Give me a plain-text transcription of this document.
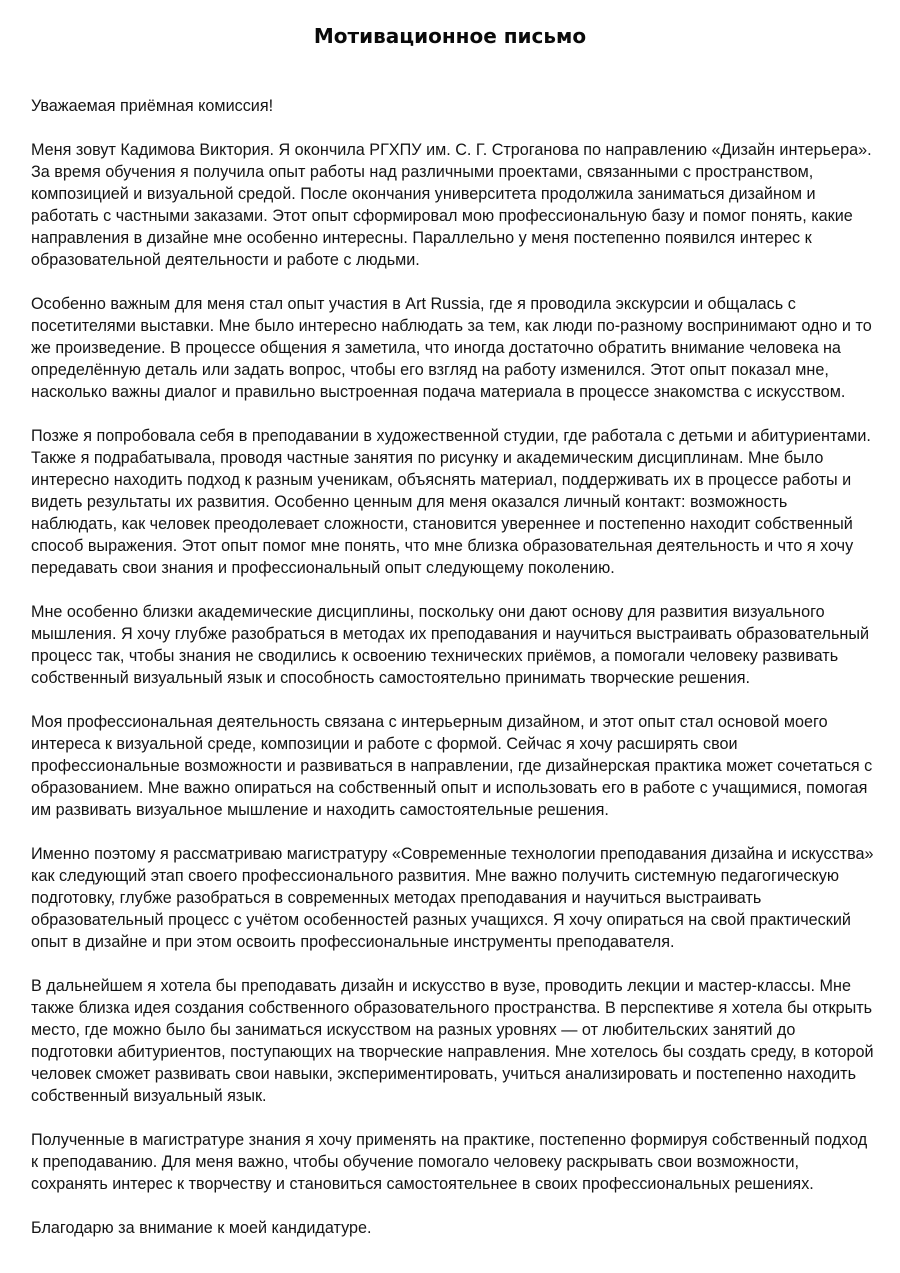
Мотивационное письмо

Уважаемая приёмная комиссия!

Меня зовут Кадимова Виктория. Я окончила РГХПУ им. С. Г. Строганова по направлению «Дизайн интерьера». За время обучения я получила опыт работы над различными проектами, связанными с пространством, композицией и визуальной средой. После окончания университета продолжила заниматься дизайном и работать с частными заказами. Этот опыт сформировал мою профессиональную базу и помог понять, какие направления в дизайне мне особенно интересны. Параллельно у меня постепенно появился интерес к образовательной деятельности и работе с людьми.

Особенно важным для меня стал опыт участия в Art Russia, где я проводила экскурсии и общалась с посетителями выставки. Мне было интересно наблюдать за тем, как люди по-разному воспринимают одно и то же произведение. В процессе общения я заметила, что иногда достаточно обратить внимание человека на определённую деталь или задать вопрос, чтобы его взгляд на работу изменился. Этот опыт показал мне, насколько важны диалог и правильно выстроенная подача материала в процессе знакомства с искусством.

Позже я попробовала себя в преподавании в художественной студии, где работала с детьми и абитуриентами. Также я подрабатывала, проводя частные занятия по рисунку и академическим дисциплинам. Мне было интересно находить подход к разным ученикам, объяснять материал, поддерживать их в процессе работы и видеть результаты их развития. Особенно ценным для меня оказался личный контакт: возможность наблюдать, как человек преодолевает сложности, становится увереннее и постепенно находит собственный способ выражения. Этот опыт помог мне понять, что мне близка образовательная деятельность и что я хочу передавать свои знания и профессиональный опыт следующему поколению.

Мне особенно близки академические дисциплины, поскольку они дают основу для развития визуального мышления. Я хочу глубже разобраться в методах их преподавания и научиться выстраивать образовательный процесс так, чтобы знания не сводились к освоению технических приёмов, а помогали человеку развивать собственный визуальный язык и способность самостоятельно принимать творческие решения.

Моя профессиональная деятельность связана с интерьерным дизайном, и этот опыт стал основой моего интереса к визуальной среде, композиции и работе с формой. Сейчас я хочу расширять свои профессиональные возможности и развиваться в направлении, где дизайнерская практика может сочетаться с образованием. Мне важно опираться на собственный опыт и использовать его в работе с учащимися, помогая им развивать визуальное мышление и находить самостоятельные решения.

Именно поэтому я рассматриваю магистратуру «Современные технологии преподавания дизайна и искусства» как следующий этап своего профессионального развития. Мне важно получить системную педагогическую подготовку, глубже разобраться в современных методах преподавания и научиться выстраивать образовательный процесс с учётом особенностей разных учащихся. Я хочу опираться на свой практический опыт в дизайне и при этом освоить профессиональные инструменты преподавателя.

В дальнейшем я хотела бы преподавать дизайн и искусство в вузе, проводить лекции и мастер-классы. Мне также близка идея создания собственного образовательного пространства. В перспективе я хотела бы открыть место, где можно было бы заниматься искусством на разных уровнях — от любительских занятий до подготовки абитуриентов, поступающих на творческие направления. Мне хотелось бы создать среду, в которой человек сможет развивать свои навыки, экспериментировать, учиться анализировать и постепенно находить собственный визуальный язык.

Полученные в магистратуре знания я хочу применять на практике, постепенно формируя собственный подход к преподаванию. Для меня важно, чтобы обучение помогало человеку раскрывать свои возможности, сохранять интерес к творчеству и становиться самостоятельнее в своих профессиональных решениях.

Благодарю за внимание к моей кандидатуре.
